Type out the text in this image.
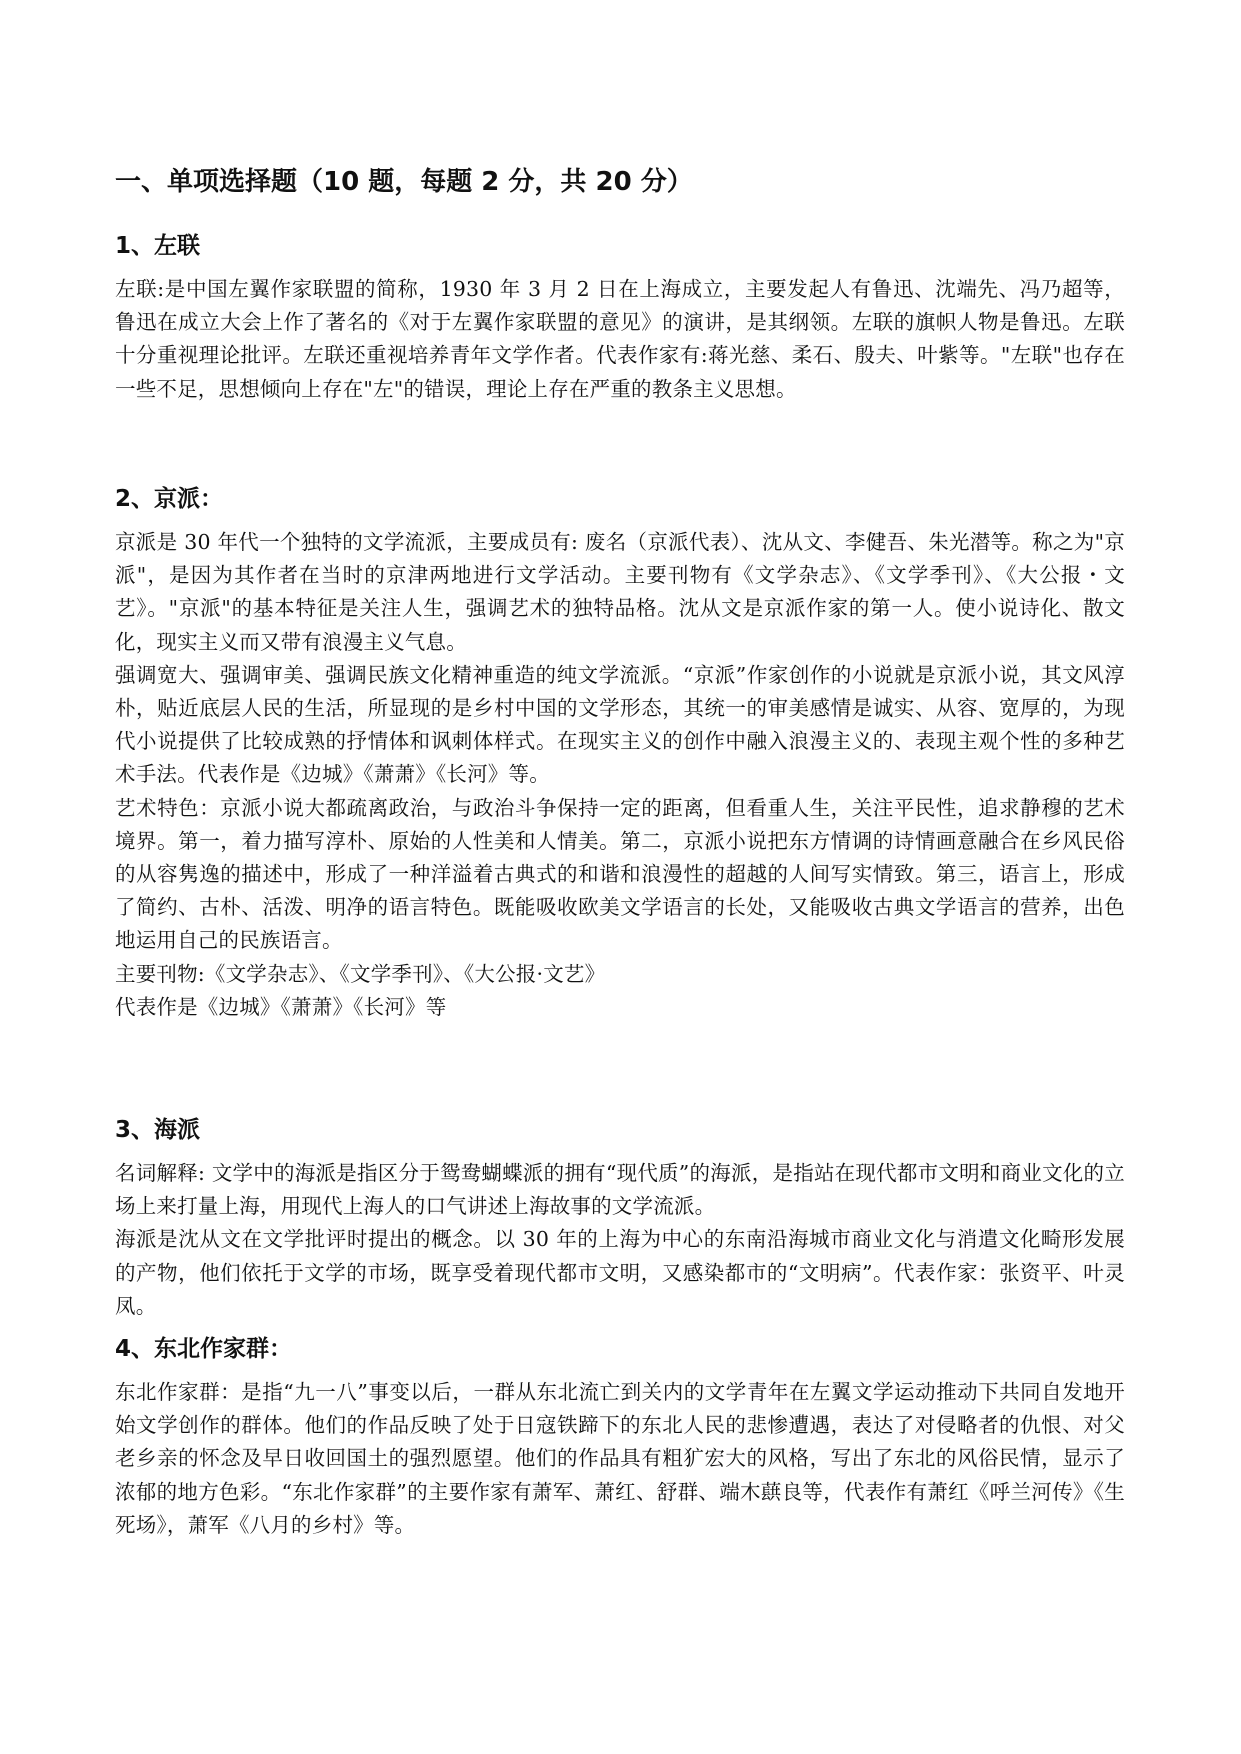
一、单项选择题（10 题，每题 2 分，共 20 分）
1、左联

左联:是中国左翼作家联盟的简称，1930 年 3 月 2 日在上海成立，主要发起人有鲁迅、沈端先、冯乃超等，鲁迅在成立大会上作了著名的《对于左翼作家联盟的意见》的演讲，是其纲领。左联的旗帜人物是鲁迅。左联十分重视理论批评。左联还重视培养青年文学作者。代表作家有:蒋光慈、柔石、殷夫、叶紫等。"左联"也存在一些不足，思想倾向上存在"左"的错误，理论上存在严重的教条主义思想。

2、京派：

京派是 30 年代一个独特的文学流派，主要成员有: 废名（京派代表）、沈从文、李健吾、朱光潜等。称之为"京派"，是因为其作者在当时的京津两地进行文学活动。主要刊物有《文学杂志》、《文学季刊》、《大公报・文艺》。"京派"的基本特征是关注人生，强调艺术的独特品格。沈从文是京派作家的第一人。使小说诗化、散文化，现实主义而又带有浪漫主义气息。

强调宽大、强调审美、强调民族文化精神重造的纯文学流派。“京派”作家创作的小说就是京派小说，其文风淳朴，贴近底层人民的生活，所显现的是乡村中国的文学形态，其统一的审美感情是诚实、从容、宽厚的，为现代小说提供了比较成熟的抒情体和讽刺体样式。在现实主义的创作中融入浪漫主义的、表现主观个性的多种艺术手法。代表作是《边城》《萧萧》《长河》等。

艺术特色：京派小说大都疏离政治，与政治斗争保持一定的距离，但看重人生，关注平民性，追求静穆的艺术境界。第一，着力描写淳朴、原始的人性美和人情美。第二，京派小说把东方情调的诗情画意融合在乡风民俗的从容隽逸的描述中，形成了一种洋溢着古典式的和谐和浪漫性的超越的人间写实情致。第三，语言上，形成了简约、古朴、活泼、明净的语言特色。既能吸收欧美文学语言的长处，又能吸收古典文学语言的营养，出色地运用自己的民族语言。

主要刊物:《文学杂志》、《文学季刊》、《大公报·文艺》

代表作是《边城》《萧萧》《长河》等

3、海派

名词解释: 文学中的海派是指区分于鸳鸯蝴蝶派的拥有“现代质”的海派，是指站在现代都市文明和商业文化的立场上来打量上海，用现代上海人的口气讲述上海故事的文学流派。

海派是沈从文在文学批评时提出的概念。以 30 年的上海为中心的东南沿海城市商业文化与消遣文化畸形发展的产物，他们依托于文学的市场，既享受着现代都市文明，又感染都市的“文明病”。代表作家：张资平、叶灵凤。

4、东北作家群：

东北作家群：是指“九一八”事变以后，一群从东北流亡到关内的文学青年在左翼文学运动推动下共同自发地开始文学创作的群体。他们的作品反映了处于日寇铁蹄下的东北人民的悲惨遭遇，表达了对侵略者的仇恨、对父老乡亲的怀念及早日收回国土的强烈愿望。他们的作品具有粗犷宏大的风格，写出了东北的风俗民情，显示了浓郁的地方色彩。“东北作家群”的主要作家有萧军、萧红、舒群、端木蕻良等，代表作有萧红《呼兰河传》《生死场》，萧军《八月的乡村》等。
